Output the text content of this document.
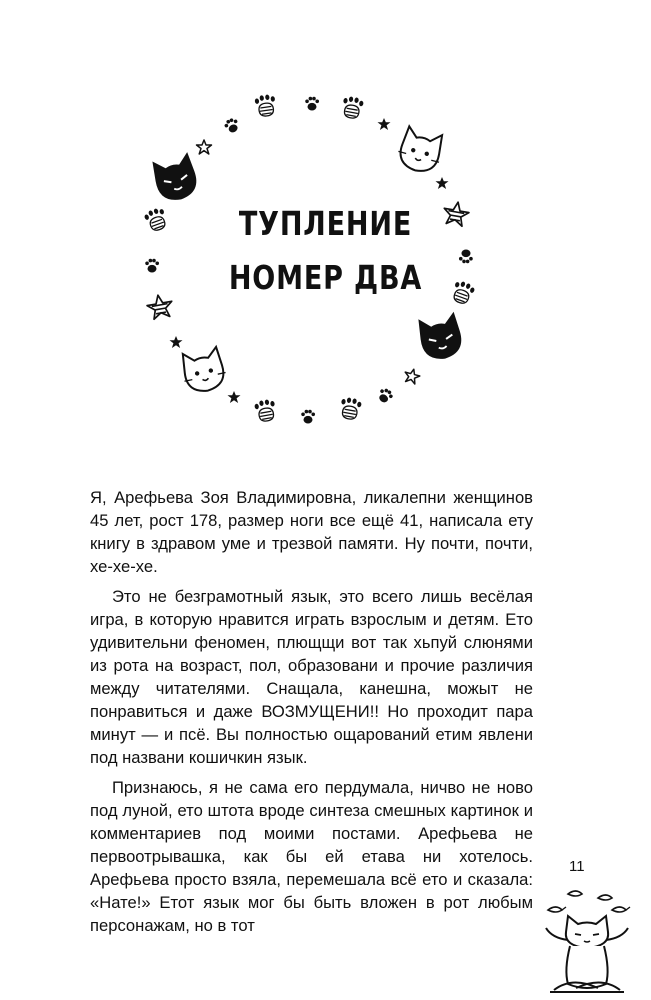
ТУПЛЕНИЕ
НОМЕР ДВА

Я, Арефьева Зоя Владимировна, ликалепни женщинов 45 лет, рост 178, размер ноги все ещё 41, написала ету книгу в здравом уме и трезвой памяти. Ну почти, почти, хе-хе-хе.

Это не безграмотный язык, это всего лишь весёлая игра, в которую нравится играть взрослым и детям. Ето удивительни феномен, плющщи вот так хьпуй слюнями из рота на возраст, пол, образовани и прочие различия между читателями. Снащала, канешна, можыт не понравиться и даже ВОЗМУЩЕНИ!! Но проходит пара минут — и псё. Вы полностью ощарований етим явлени под названи кошичкин язык.

Признаюсь, я не сама его пердумала, ничво не ново под луной, ето штота вроде синтеза смешных картинок и комментариев под моими постами. Арефьева не первоотрывашка, как бы ей етава ни хотелось. Арефьева просто взяла, перемешала всё ето и сказала: «Нате!» Етот язык мог бы быть вложен в рот любым персонажам, но в тот

11
